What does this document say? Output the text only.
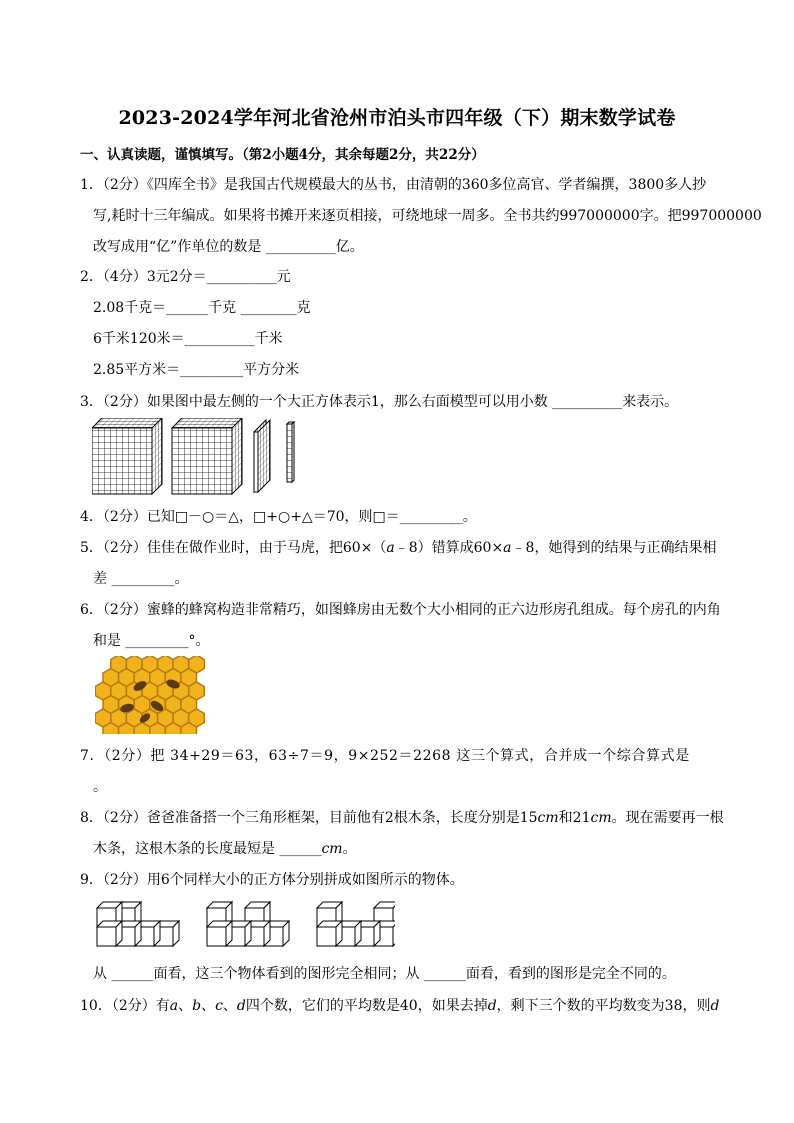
2023-2024学年河北省沧州市泊头市四年级（下）期末数学试卷
一、认真读题，谨慎填写。（第2小题4分，其余每题2分，共22分）
1．（2分）《四库全书》是我国古代规模最大的丛书，由清朝的360多位高官、学者编撰，3800多人抄
写,耗时十三年编成。如果将书摊开来逐页相接，可绕地球一周多。全书共约997000000字。把997000000
改写成用“亿”作单位的数是 __________亿。
2．（4分）3元2分＝__________元
2.08千克＝______千克 ________克
6千米120米＝__________千米
2.85平方米＝_________平方分米
3．（2分）如果图中最左侧的一个大正方体表示1，那么右面模型可以用小数 __________来表示。
4．（2分）已知□－○＝△，□+○+△＝70，则□＝_________。
5．（2分）佳佳在做作业时，由于马虎，把60×（a﹣8）错算成60×a﹣8，她得到的结果与正确结果相
差 _________。
6．（2分）蜜蜂的蜂窝构造非常精巧，如图蜂房由无数个大小相同的正六边形房孔组成。每个房孔的内角
和是 _________°。
7．（2分）把 34+29＝63，63÷7＝9，9×252＝2268 这三个算式，合并成一个综合算式是
。
8．（2分）爸爸准备搭一个三角形框架，目前他有2根木条，长度分别是15cm和21cm。现在需要再一根
木条，这根木条的长度最短是 ______cm。
9．（2分）用6个同样大小的正方体分别拼成如图所示的物体。
从 ______面看，这三个物体看到的图形完全相同；从 ______面看，看到的图形是完全不同的。
10．（2分）有a、b、c、d四个数，它们的平均数是40，如果去掉d，剩下三个数的平均数变为38，则d
